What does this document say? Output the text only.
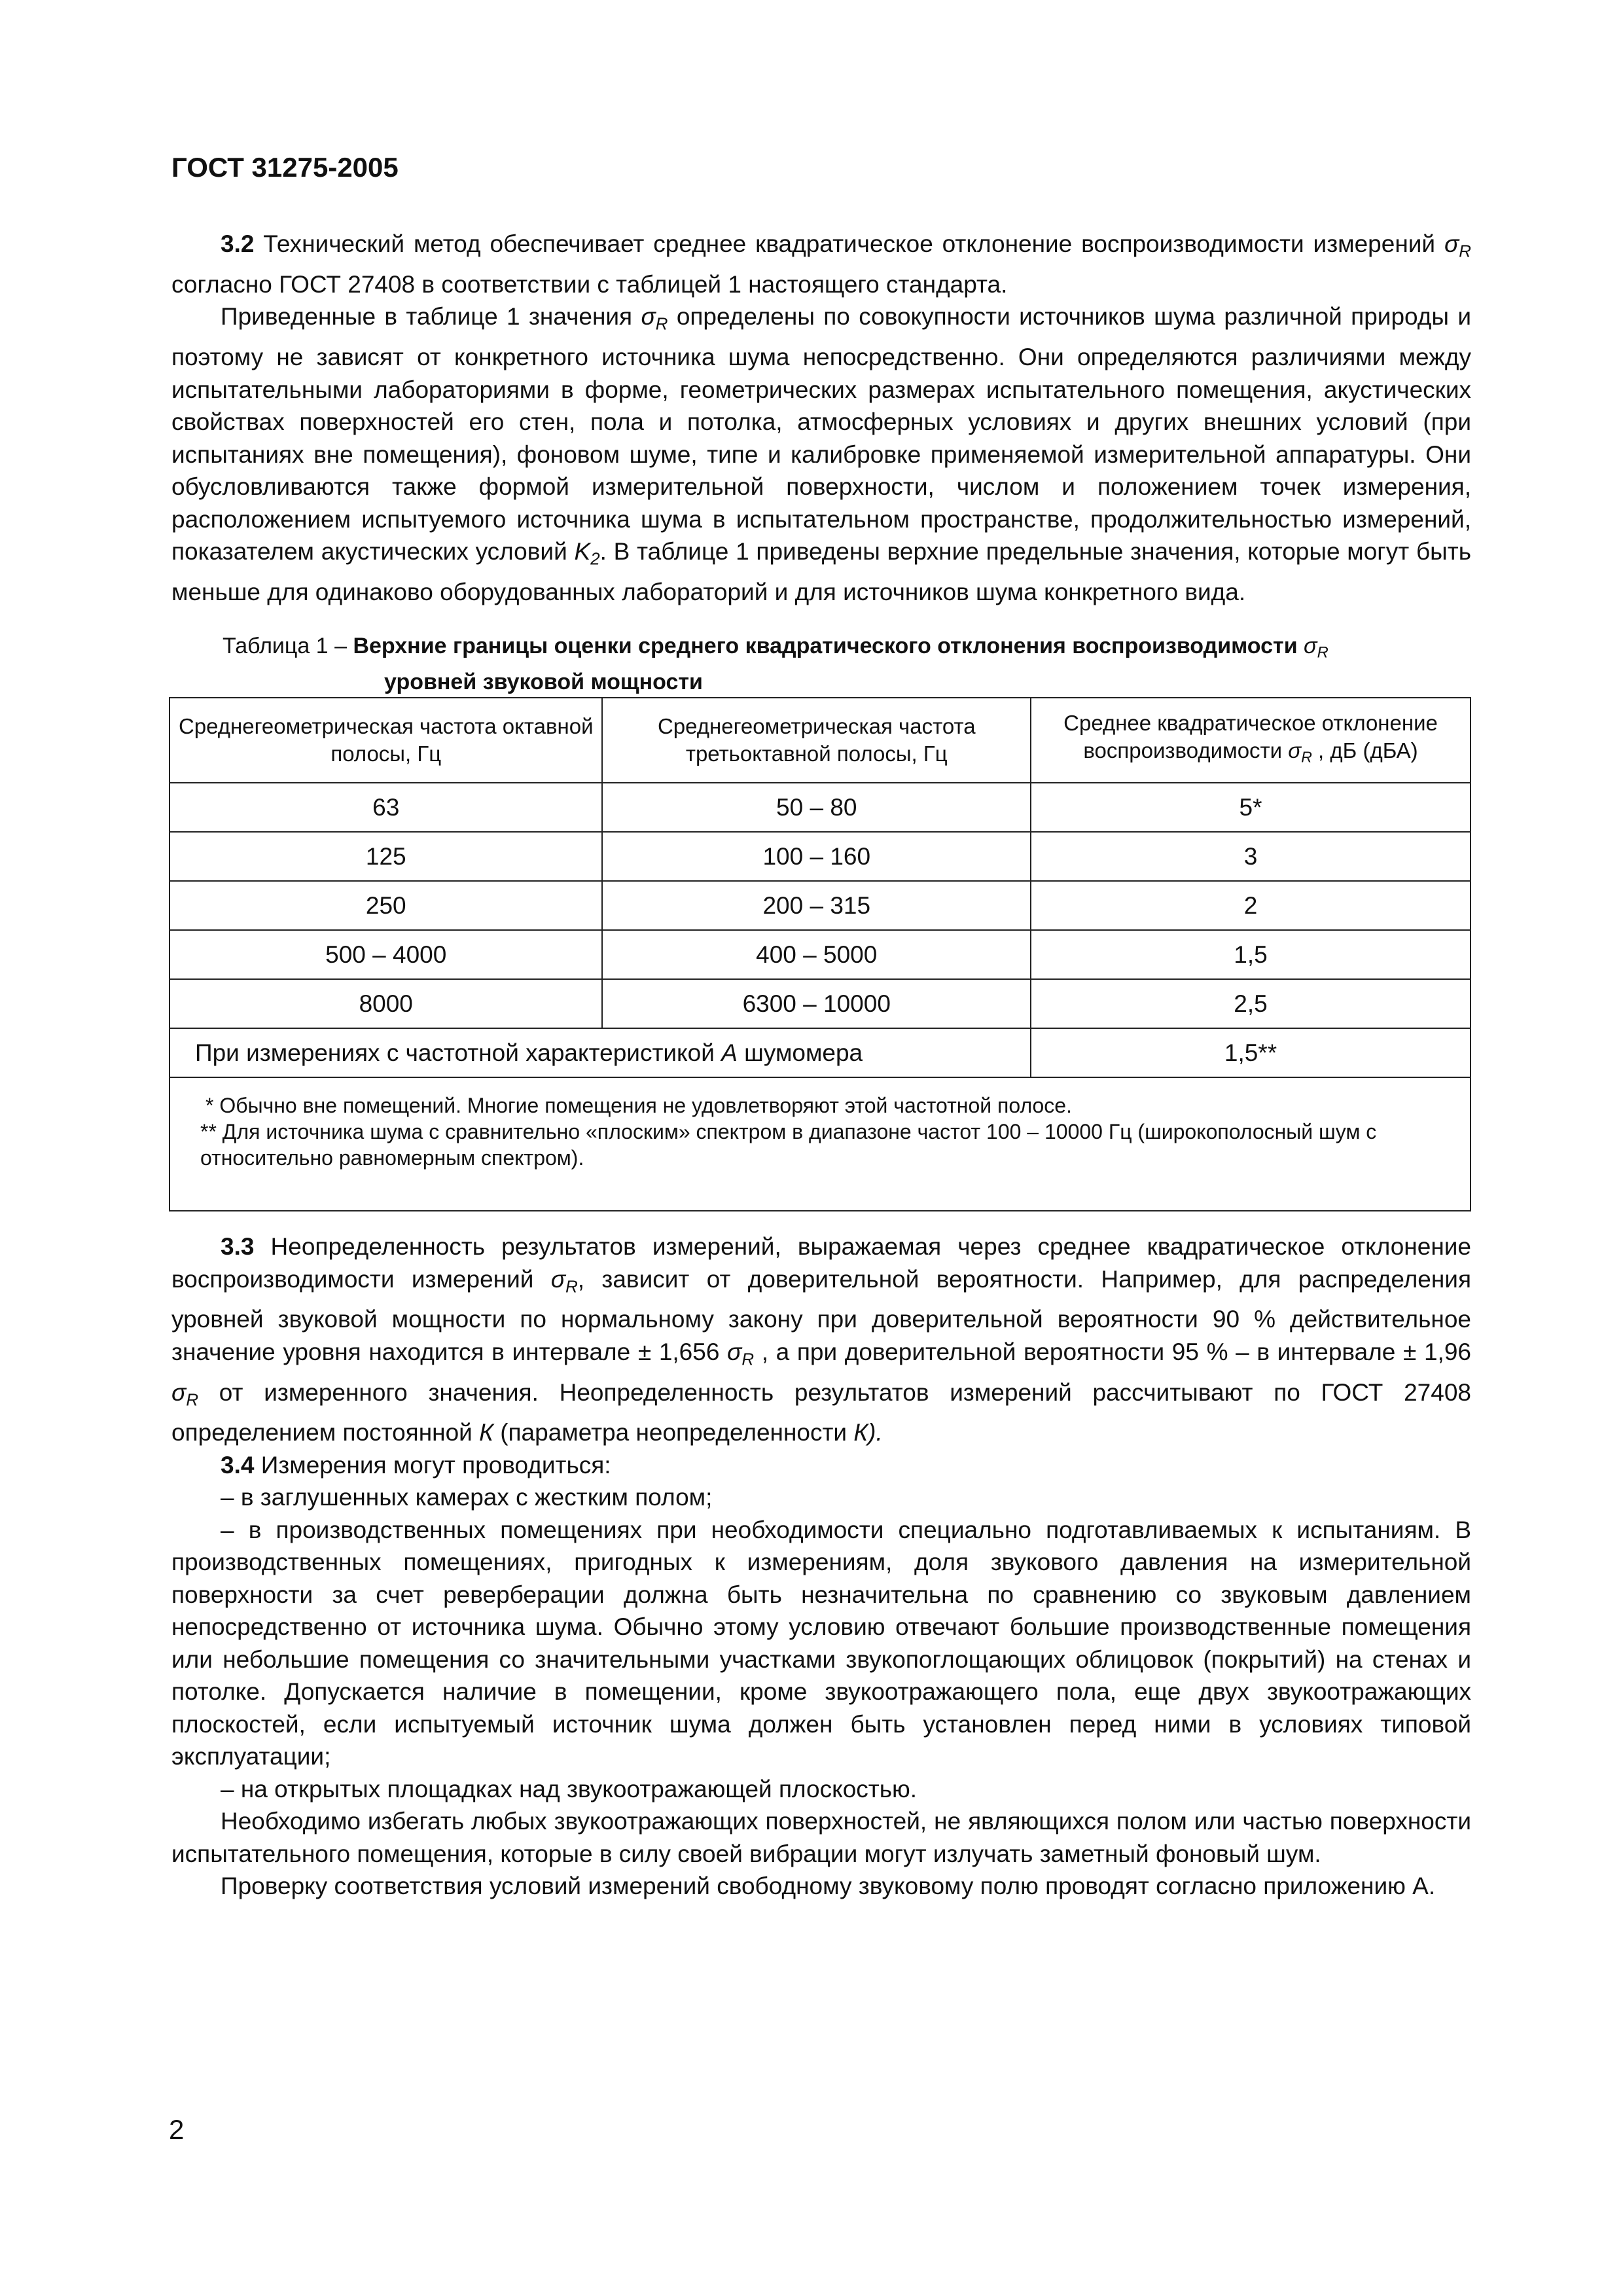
ГОСТ 31275-2005

3.2 Технический метод обеспечивает среднее квадратическое отклонение воспроизводимости измерений $\sigma_R$ согласно ГОСТ 27408 в соответствии с таблицей 1 настоящего стандарта.

Приведенные в таблице 1 значения $\sigma_R$ определены по совокупности источников шума различной природы и поэтому не зависят от конкретного источника шума непосредственно. Они определяются различиями между испытательными лабораториями в форме, геометрических размерах испытательного помещения, акустических свойствах поверхностей его стен, пола и потолка, атмосферных условиях и других внешних условий (при испытаниях вне помещения), фоновом шуме, типе и калибровке применяемой измерительной аппаратуры. Они обусловливаются также формой измерительной поверхности, числом и положением точек измерения, расположением испытуемого источника шума в испытательном пространстве, продолжительностью измерений, показателем акустических условий $K_2$. В таблице 1 приведены верхние предельные значения, которые могут быть меньше для одинаково оборудованных лабораторий и для источников шума конкретного вида.

Таблица 1 – Верхние границы оценки среднего квадратического отклонения воспроизводимости $\sigma_R$
уровней звуковой мощности
Среднегеометрическая частота октавной полосы, Гц	Среднегеометрическая частота третьоктавной полосы, Гц	Среднее квадратическое отклонение воспроизводимости $\sigma_R$ , дБ (дБА)
63	50 – 80	5*
125	100 – 160	3
250	200 – 315	2
500 – 4000	400 – 5000	1,5
8000	6300 – 10000	2,5
При измерениях с частотной характеристикой А шумомера		1,5**

* Обычно вне помещений. Многие помещения не удовлетворяют этой частотной полосе.
** Для источника шума с сравнительно «плоским» спектром в диапазоне частот 100 – 10000 Гц (широкополосный шум с относительно равномерным спектром).		

3.3 Неопределенность результатов измерений, выражаемая через среднее квадратическое отклонение воспроизводимости измерений $\sigma_R$, зависит от доверительной вероятности. Например, для распределения уровней звуковой мощности по нормальному закону при доверительной вероятности 90 % действительное значение уровня находится в интервале ± 1,656 $\sigma_R$ , а при доверительной вероятности 95 % – в интервале ± 1,96 $\sigma_R$ от измеренного значения. Неопределенность результатов измерений рассчитывают по ГОСТ 27408 определением постоянной К (параметра неопределенности К).

3.4 Измерения могут проводиться:

– в заглушенных камерах с жестким полом;

– в производственных помещениях при необходимости специально подготавливаемых к испытаниям. В производственных помещениях, пригодных к измерениям, доля звукового давления на измерительной поверхности за счет реверберации должна быть незначительна по сравнению со звуковым давлением непосредственно от источника шума. Обычно этому условию отвечают большие производственные помещения или небольшие помещения со значительными участками звукопоглощающих облицовок (покрытий) на стенах и потолке. Допускается наличие в помещении, кроме звукоотражающего пола, еще двух звукоотражающих плоскостей, если испытуемый источник шума должен быть установлен перед ними в условиях типовой эксплуатации;

– на открытых площадках над звукоотражающей плоскостью.

Необходимо избегать любых звукоотражающих поверхностей, не являющихся полом или частью поверхности испытательного помещения, которые в силу своей вибрации могут излучать заметный фоновый шум.

Проверку соответствия условий измерений свободному звуковому полю проводят согласно приложению А.

2
